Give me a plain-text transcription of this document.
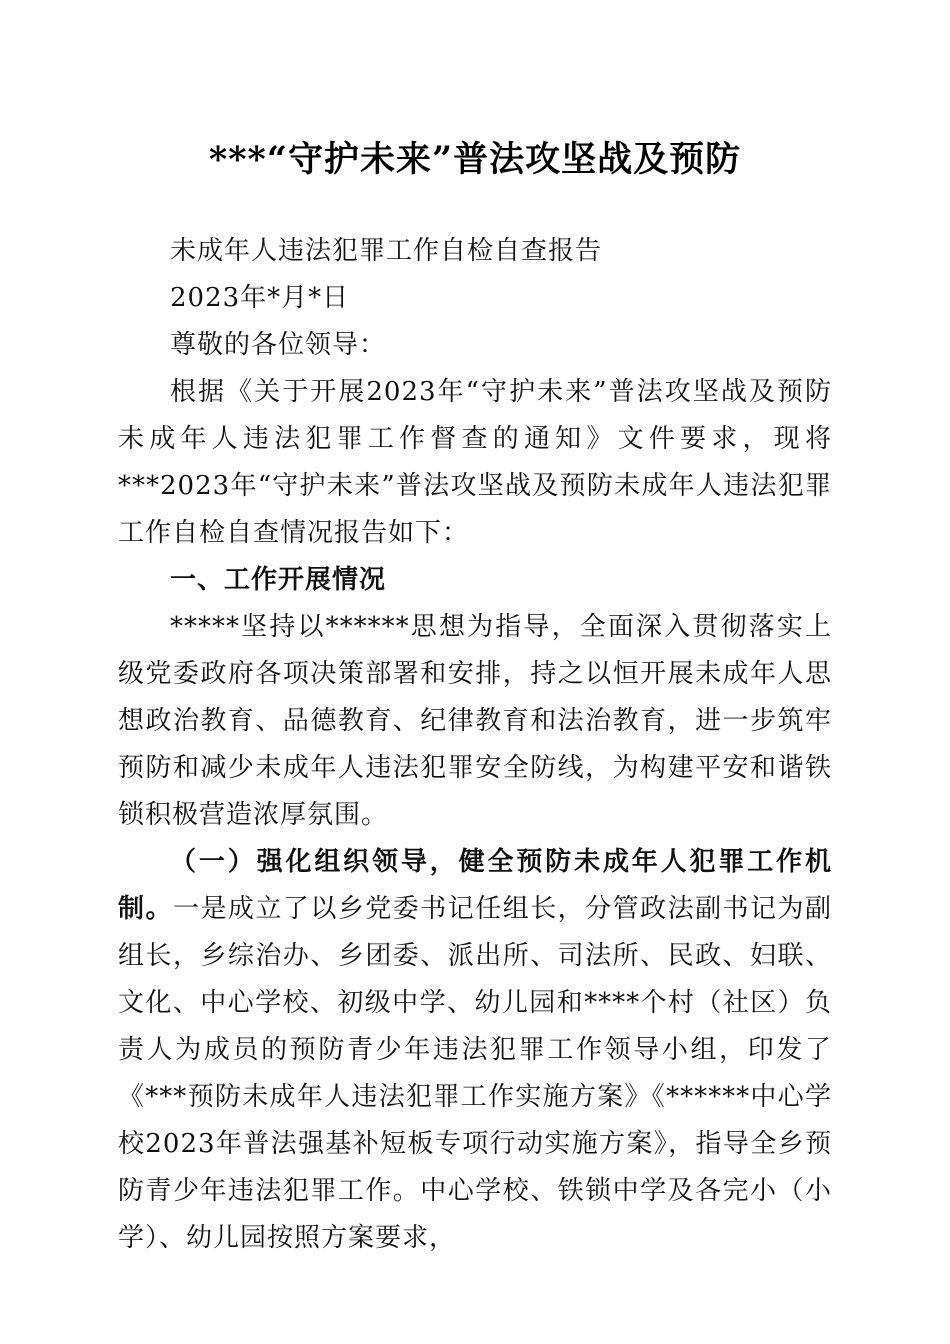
***“守护未来”普法攻坚战及预防

未成年人违法犯罪工作自检自查报告

2023年*月*日

尊敬的各位领导：

根据《关于开展2023年“守护未来”普法攻坚战及预防未成年人违法犯罪工作督查的通知》文件要求，现将***2023年“守护未来”普法攻坚战及预防未成年人违法犯罪工作自检自查情况报告如下：

一、工作开展情况

*****坚持以******思想为指导，全面深入贯彻落实上级党委政府各项决策部署和安排，持之以恒开展未成年人思想政治教育、品德教育、纪律教育和法治教育，进一步筑牢预防和减少未成年人违法犯罪安全防线，为构建平安和谐铁锁积极营造浓厚氛围。

（一）强化组织领导，健全预防未成年人犯罪工作机制。一是成立了以乡党委书记任组长，分管政法副书记为副组长，乡综治办、乡团委、派出所、司法所、民政、妇联、文化、中心学校、初级中学、幼儿园和****个村（社区）负责人为成员的预防青少年违法犯罪工作领导小组，印发了《***预防未成年人违法犯罪工作实施方案》《******中心学校2023年普法强基补短板专项行动实施方案》，指导全乡预防青少年违法犯罪工作。中心学校、铁锁中学及各完小（小学）、幼儿园按照方案要求，
